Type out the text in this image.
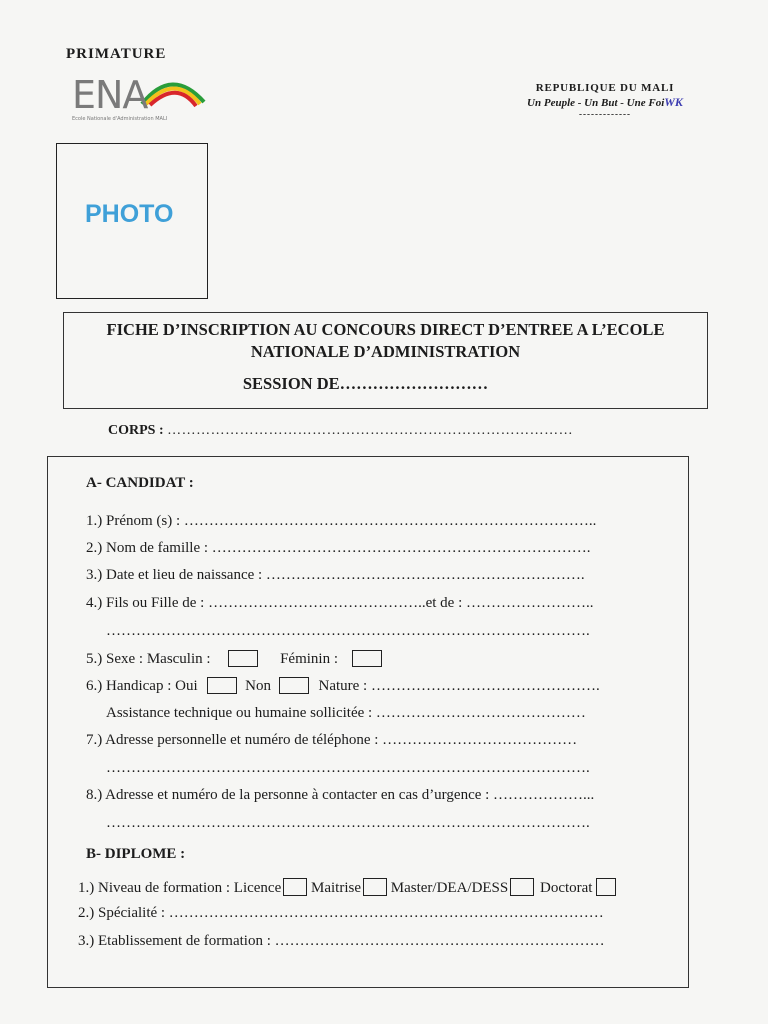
PRIMATURE

ENA
Ecole Nationale d'Administration MALI
REPUBLIQUE DU MALI
Un Peuple - Un But - Une FoiWK
-------------
PHOTO
FICHE D’INSCRIPTION AU CONCOURS DIRECT D’ENTREE A L’ECOLE
NATIONALE D’ADMINISTRATION
SESSION DE………………………
CORPS : …………………………………………………………………………
A- CANDIDAT :
1.) Prénom (s) : ………………………………………………………………………..
2.) Nom de famille : ………………………………………………………………….
3.) Date et lieu de naissance : ……………………………………………………….
4.) Fils ou Fille de : ……………………………………..et de : ……………………..
…………………………………………………………………………………….
5.) Sexe : Masculin :	Féminin :
6.) Handicap : Oui	Non	Nature : ……………………………………….
Assistance technique ou humaine sollicitée : ……………………………………
7.) Adresse personnelle et numéro de téléphone : …………………………………
…………………………………………………………………………………….
8.) Adresse et numéro de la personne à contacter en cas d’urgence : ………………...
…………………………………………………………………………………….
B- DIPLOME :
1.) Niveau de formation : Licence Maitrise Master/DEA/DESS Doctorat
2.) Spécialité : ……………………………………………………………………………
3.) Etablissement de formation : …………………………………………………………
